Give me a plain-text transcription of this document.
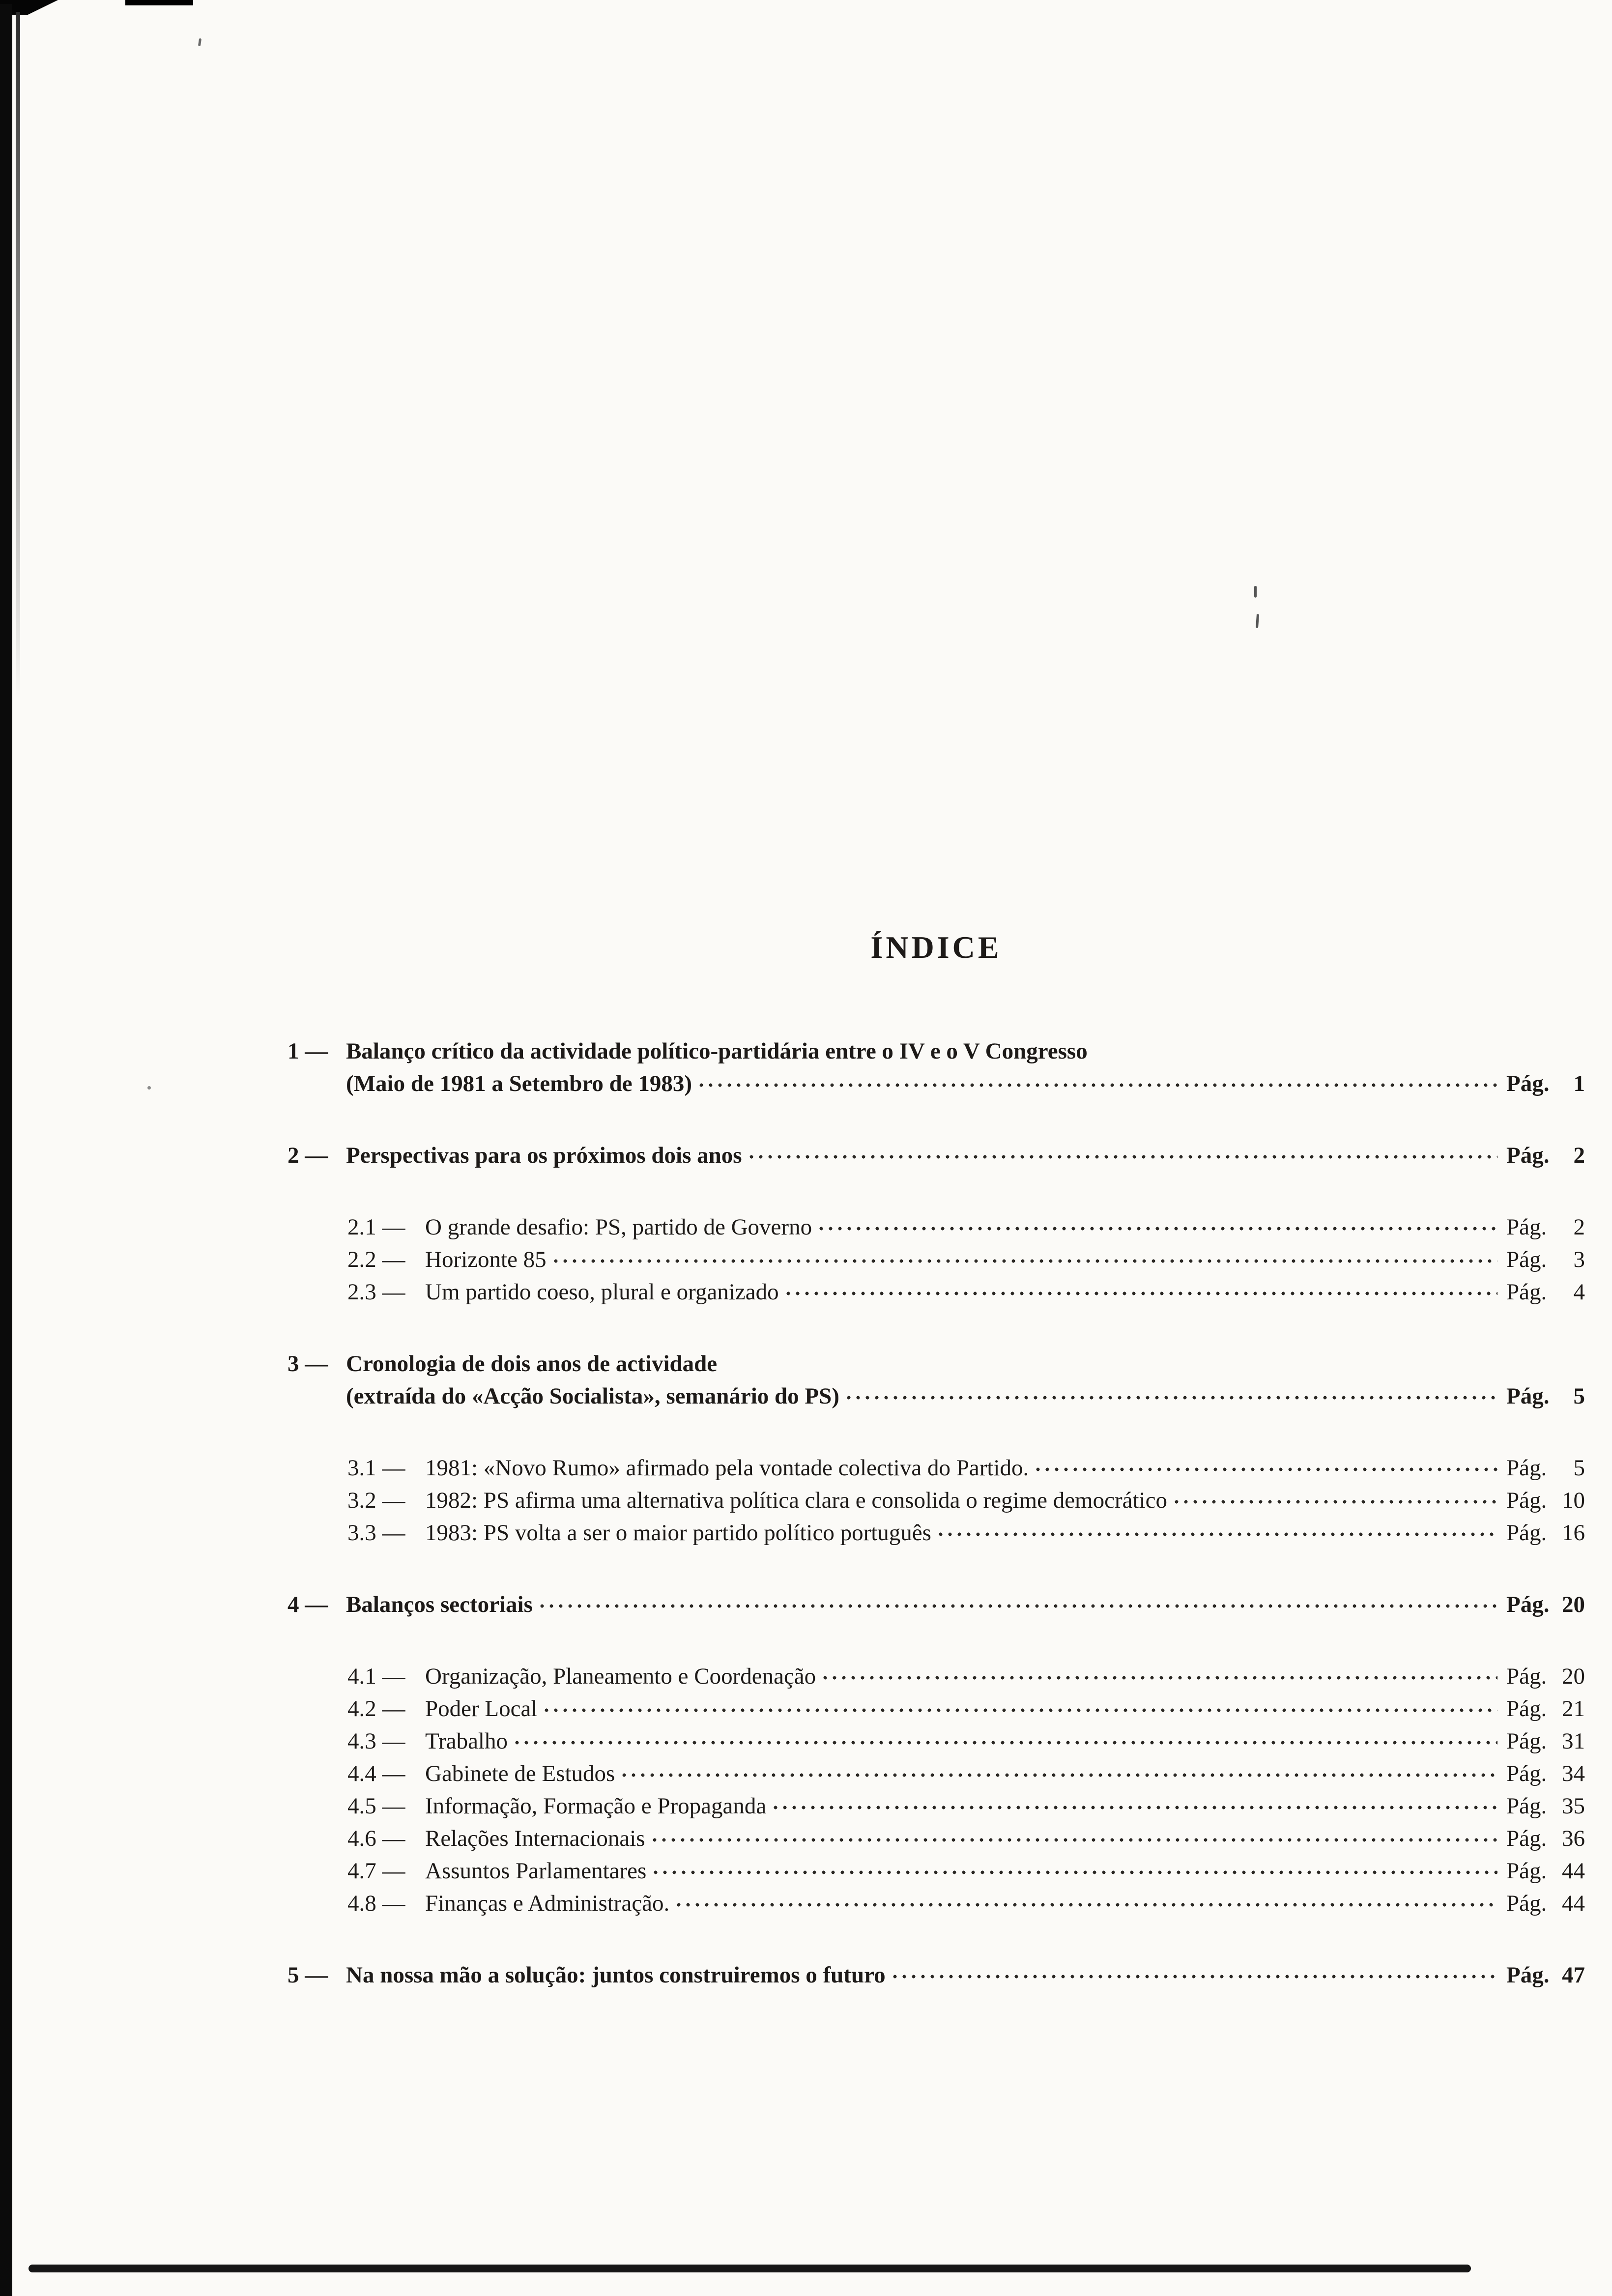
ÍNDICE
1 — Balanço crítico da actividade político-partidária entre o IV e o V Congresso
(Maio de 1981 a Setembro de 1983)	Pág. 1
2 — Perspectivas para os próximos dois anos	Pág. 2
2.1 — O grande desafio: PS, partido de Governo	Pág. 2
2.2 — Horizonte 85	Pág. 3
2.3 — Um partido coeso, plural e organizado	Pág. 4
3 — Cronologia de dois anos de actividade
(extraída do «Acção Socialista», semanário do PS)	Pág. 5
3.1 — 1981: «Novo Rumo» afirmado pela vontade colectiva do Partido.	Pág. 5
3.2 — 1982: PS afirma uma alternativa política clara e consolida o regime democrático	Pág. 10
3.3 — 1983: PS volta a ser o maior partido político português	Pág. 16
4 — Balanços sectoriais	Pág. 20
4.1 — Organização, Planeamento e Coordenação	Pág. 20
4.2 — Poder Local	Pág. 21
4.3 — Trabalho	Pág. 31
4.4 — Gabinete de Estudos	Pág. 34
4.5 — Informação, Formação e Propaganda	Pág. 35
4.6 — Relações Internacionais	Pág. 36
4.7 — Assuntos Parlamentares	Pág. 44
4.8 — Finanças e Administração.	Pág. 44
5 — Na nossa mão a solução: juntos construiremos o futuro	Pág. 47
